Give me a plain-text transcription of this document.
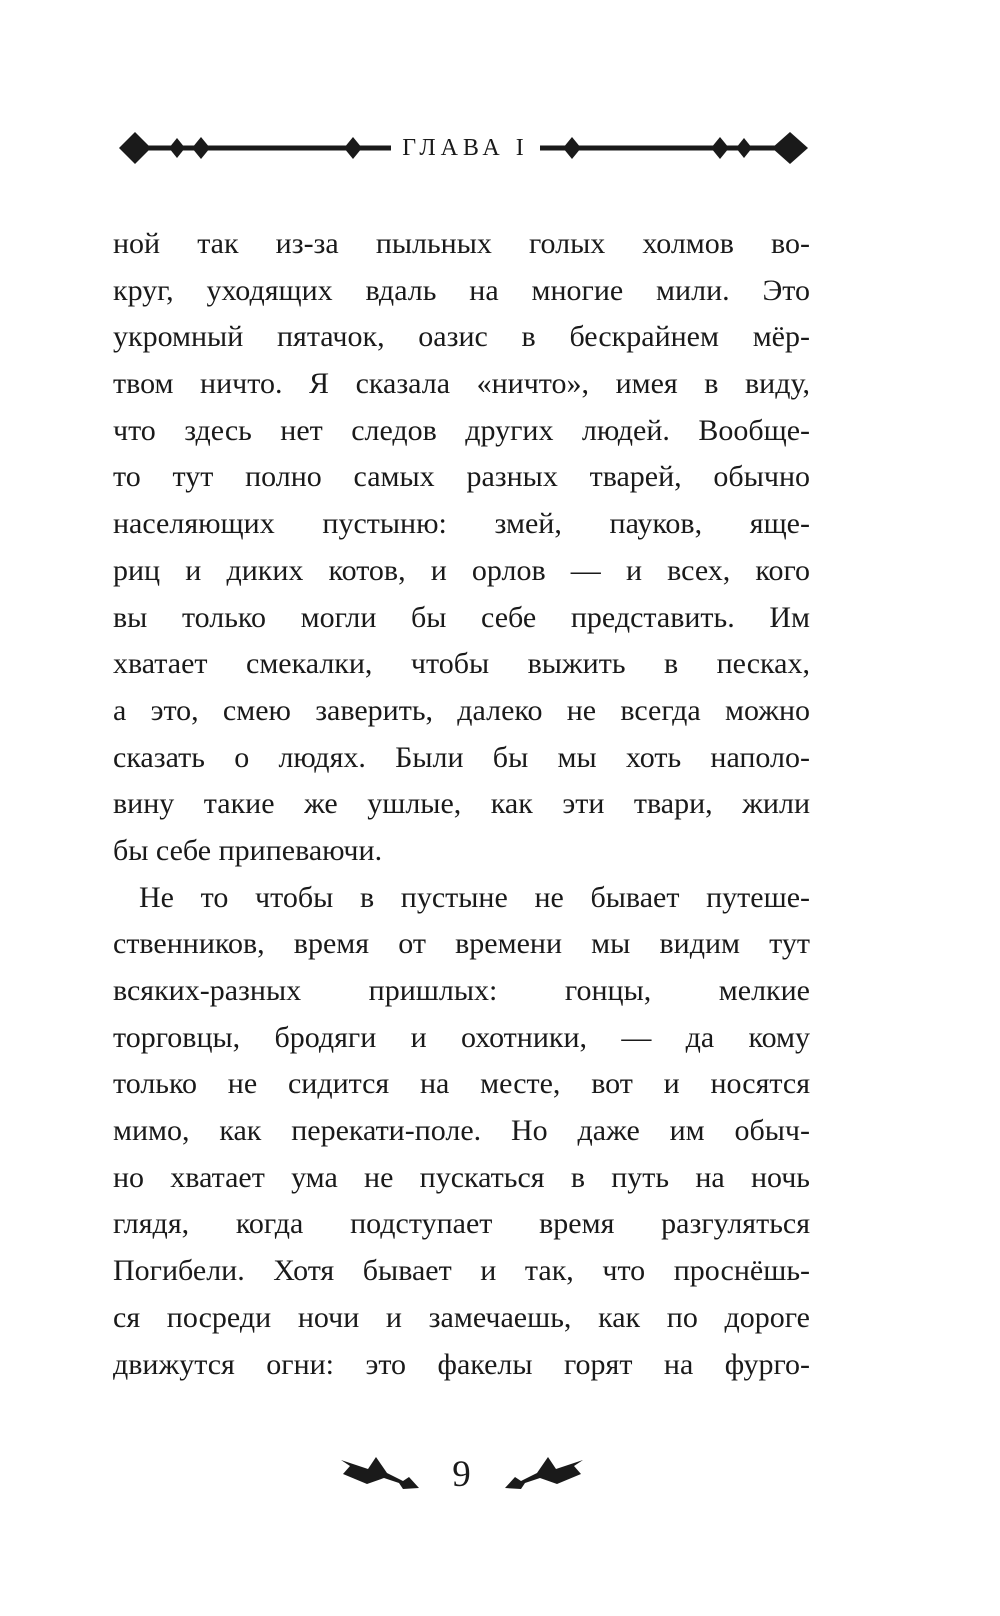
ГЛАВА I
ной так из-за пыльных голых холмов во-
круг, уходящих вдаль на многие мили. Это
укромный пятачок, оазис в бескрайнем мёр-
твом ничто. Я сказала «ничто», имея в виду,
что здесь нет следов других людей. Вообще-
то тут полно самых разных тварей, обычно
населяющих пустыню: змей, пауков, яще-
риц и диких котов, и орлов — и всех, кого
вы только могли бы себе представить. Им
хватает смекалки, чтобы выжить в песках,
а это, смею заверить, далеко не всегда можно
сказать о людях. Были бы мы хоть наполо-
вину такие же ушлые, как эти твари, жили
бы себе припеваючи.
Не то чтобы в пустыне не бывает путеше-
ственников, время от времени мы видим тут
всяких-разных пришлых: гонцы, мелкие
торговцы, бродяги и охотники, — да кому
только не сидится на месте, вот и носятся
мимо, как перекати-поле. Но даже им обыч-
но хватает ума не пускаться в путь на ночь
глядя, когда подступает время разгуляться
Погибели. Хотя бывает и так, что проснёшь-
ся посреди ночи и замечаешь, как по дороге
движутся огни: это факелы горят на фурго-
9
